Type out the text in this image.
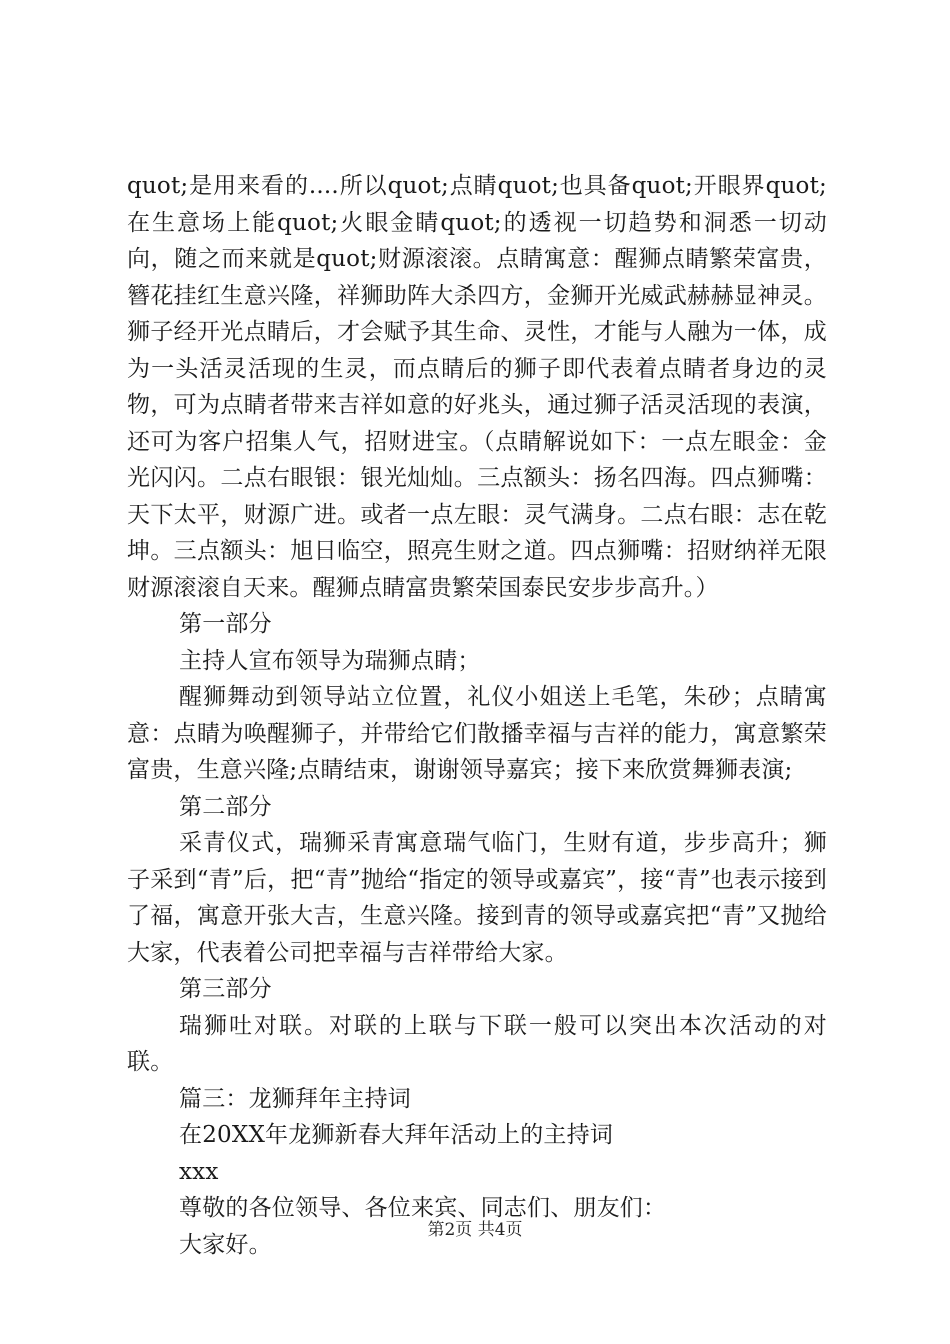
quot;是用来看的....所以quot;点睛quot;也具备quot;开眼界quot;在生意场上能quot;火眼金睛quot;的透视一切趋势和洞悉一切动向，随之而来就是quot;财源滚滚。点睛寓意：醒狮点睛繁荣富贵，簪花挂红生意兴隆，祥狮助阵大杀四方，金狮开光威武赫赫显神灵。狮子经开光点睛后，才会赋予其生命、灵性，才能与人融为一体，成为一头活灵活现的生灵，而点睛后的狮子即代表着点睛者身边的灵物，可为点睛者带来吉祥如意的好兆头，通过狮子活灵活现的表演，还可为客户招集人气，招财进宝。（点睛解说如下：一点左眼金：金光闪闪。二点右眼银：银光灿灿。三点额头：扬名四海。四点狮嘴：天下太平，财源广进。或者一点左眼：灵气满身。二点右眼：志在乾坤。三点额头：旭日临空，照亮生财之道。四点狮嘴：招财纳祥无限财源滚滚自天来。醒狮点睛富贵繁荣国泰民安步步高升。）

第一部分

主持人宣布领导为瑞狮点睛；

醒狮舞动到领导站立位置，礼仪小姐送上毛笔，朱砂；点睛寓意：点睛为唤醒狮子，并带给它们散播幸福与吉祥的能力，寓意繁荣富贵，生意兴隆;点睛结束，谢谢领导嘉宾；接下来欣赏舞狮表演;

第二部分

采青仪式，瑞狮采青寓意瑞气临门，生财有道，步步高升；狮子采到“青”后，把“青”抛给“指定的领导或嘉宾”，接“青”也表示接到了福，寓意开张大吉，生意兴隆。接到青的领导或嘉宾把“青”又抛给大家，代表着公司把幸福与吉祥带给大家。

第三部分

瑞狮吐对联。对联的上联与下联一般可以突出本次活动的对联。

篇三：龙狮拜年主持词

在20XX年龙狮新春大拜年活动上的主持词

xxx

尊敬的各位领导、各位来宾、同志们、朋友们：

大家好。

第2页 共4页
